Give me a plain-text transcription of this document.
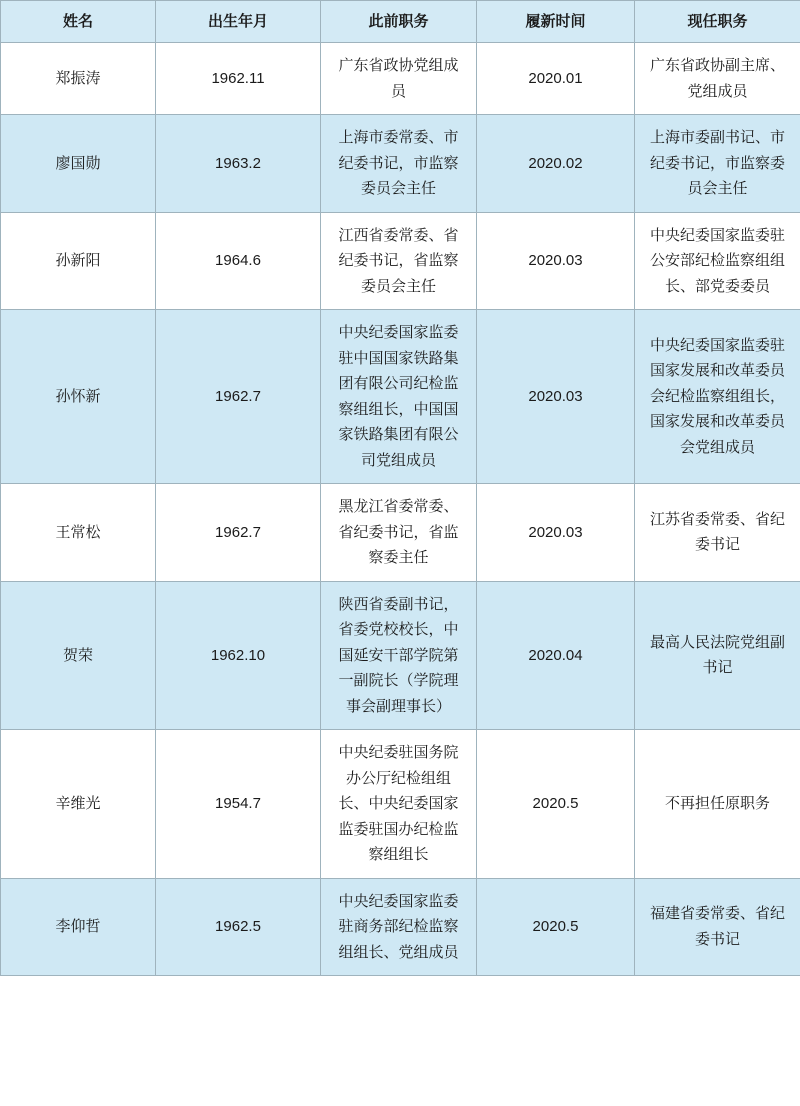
姓名	出生年月	此前职务	履新时间	现任职务
郑振涛	1962.11	广东省政协党组成员	2020.01	广东省政协副主席、党组成员
廖国勋	1963.2	上海市委常委、市纪委书记，市监察委员会主任	2020.02	上海市委副书记、市纪委书记，市监察委员会主任
孙新阳	1964.6	江西省委常委、省纪委书记，省监察委员会主任	2020.03	中央纪委国家监委驻公安部纪检监察组组长、部党委委员
孙怀新	1962.7	中央纪委国家监委驻中国国家铁路集团有限公司纪检监察组组长，中国国家铁路集团有限公司党组成员	2020.03	中央纪委国家监委驻国家发展和改革委员会纪检监察组组长，国家发展和改革委员会党组成员
王常松	1962.7	黑龙江省委常委、省纪委书记，省监察委主任	2020.03	江苏省委常委、省纪委书记
贺荣	1962.10	陕西省委副书记，省委党校校长，中国延安干部学院第一副院长（学院理事会副理事长）	2020.04	最高人民法院党组副书记
辛维光	1954.7	中央纪委驻国务院办公厅纪检组组长、中央纪委国家监委驻国办纪检监察组组长	2020.5	不再担任原职务
李仰哲	1962.5	中央纪委国家监委驻商务部纪检监察组组长、党组成员	2020.5	福建省委常委、省纪委书记
